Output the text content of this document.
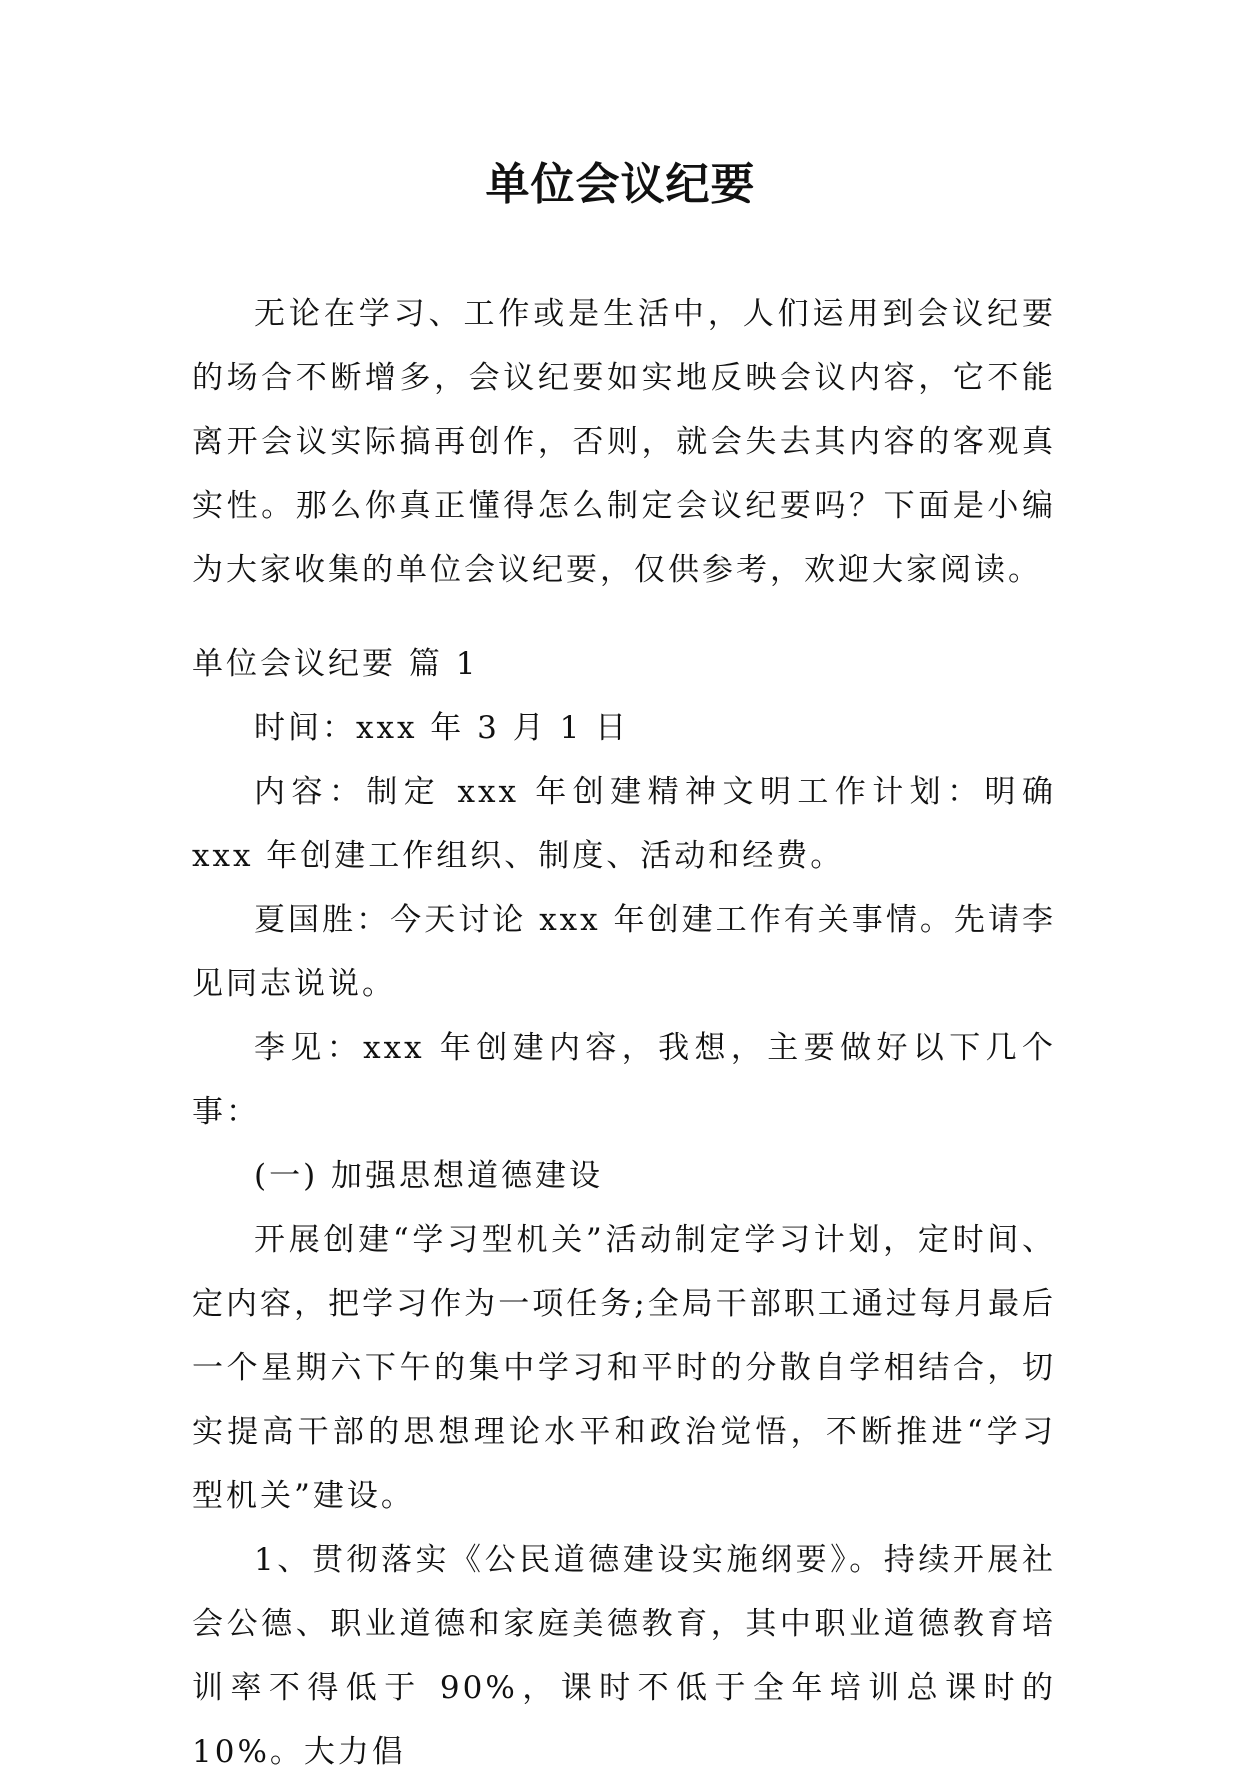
单位会议纪要

无论在学习、工作或是生活中，人们运用到会议纪要的场合不断增多，会议纪要如实地反映会议内容，它不能离开会议实际搞再创作，否则，就会失去其内容的客观真实性。那么你真正懂得怎么制定会议纪要吗？下面是小编为大家收集的单位会议纪要，仅供参考，欢迎大家阅读。

单位会议纪要 篇 1

时间：xxx 年 3 月 1 日

内容：制定 xxx 年创建精神文明工作计划：明确 xxx 年创建工作组织、制度、活动和经费。

夏国胜：今天讨论 xxx 年创建工作有关事情。先请李见同志说说。

李见：xxx 年创建内容，我想，主要做好以下几个事：

(一) 加强思想道德建设

开展创建“学习型机关”活动制定学习计划，定时间、定内容，把学习作为一项任务;全局干部职工通过每月最后一个星期六下午的集中学习和平时的分散自学相结合，切实提高干部的思想理论水平和政治觉悟，不断推进“学习型机关”建设。

1、贯彻落实《公民道德建设实施纲要》。持续开展社会公德、职业道德和家庭美德教育，其中职业道德教育培训率不得低于 90%，课时不低于全年培训总课时的 10%。大力倡
